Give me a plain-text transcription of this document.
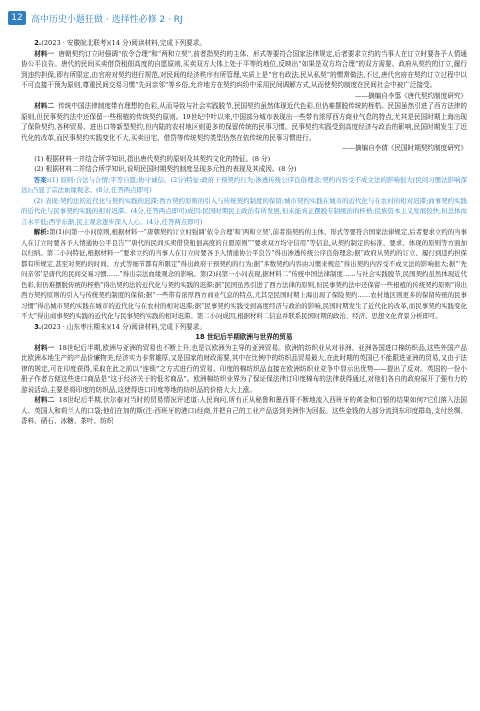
12 高中历史小题狂做 · 选择性必修 2 · RJ

2.(2023 · 安徽皖北联考)(14 分)阅读材料,完成下列要求。

材料一 唐朝契约订立时强调“依令合理”和“两和立契”,前者指契约的主体、形式等要符合国家法律规定,后者要求立约的当事人在订立时要各予人情通协公平良告。唐代的民间买卖借贷租佃高度的自愿原则,买卖双方大体上处于平等的地位,反映出“如果是双方均合理”的双方需要。政府从契约的订立,履行到违约担保,即有所限定,由官府对契约进行规范,对民间的经济秩序有所管理,实质上是“官有政法,民从私契”的惯常做法,不过,唐代官府在契约订立过程中以不可直接干预为原则,尊重民间交易习惯“先问亲邻”等乡俗,允许地方在契约纠纷中采用民间调解方式,从而使契约制度在民间社会中被广泛接受。

——摘编自李翦《唐代契约制度研究》

材料二 传统中国法律制度带有理想的色彩,从而导致与社会实践脱节,民国契约虽然体现近代色彩,但仍难摆脱传统的桎梏。民国虽然引进了西方法律的原则,但民事契约法中还保留一些根植的传统契约原则。19世纪中叶以来,中国部分城市表现出一些带有浓厚西方商业气息的特点,尤其是民国时期上海出现了保险契约,各种贸易、进出口等新型契约,但内陆的农村地区则更多的保留传统的民事习惯。民事契约实践受到高度经济与政治的影响,民国时期发生了近代化的改革,而民事契约实践变化不大,买卖田宅、借贷等传统契约类型仍然在依传统的民事习惯进行。

——摘编自李倩《民国时期契约制度研究》

(1) 根据材料一并结合所学知识,指出唐代契约的原则及其契约文化的特征。(8 分)

(2) 根据材料二并结合所学知识,说明民国时期契约制度呈现多元性的表现及其成因。(8 分)

答案:(1) 原则:合法与合情;平等自愿;协守诚信。(2分)特征:政府干预契约行为;渗透传统公序良俗理念;契约内容受不成文法的影响很大(民间习惯法影响深远);凸显了宗法血缘观念。(6分,任答两点即可)

(2) 表现:契约法的近代化与契约实践的迟滞;西方契约原则的引入与传统契约制度的保留;城市契约实践在城市的近代化与在农村的相对迟滞;商事契约实践的近代化与民事契约实践的相对迟滞。(4分,任答两点即可)成因:民国时期民主政治有所发展,但未能真正摆脱专制统治的桎梏;民族资本主义发展较快,但总体而言水平低;西学东渐,民主观念逐步深入人心。(4分,任答两点即可)

解析:第(1)问第一小问原则,根据材料一“唐朝契约订立时强调‘依令合理’和‘两和立契’,前者指契约的主体、形式等要符合国家法律规定,后者要求立约的当事人在订立时要各予人情通协公平良告”“唐代的民间买卖借贷租佃高度的自愿原则”“要求双方均守信用”等信息,从契约制定的标准、要求、体现的原则等方面加以归纳。第二小问特征,根据材料一“要求立约的当事人在订立时要各予人情通协公平良告”得出渗透传统公序良俗理念;据“政府从契约的订立、履行到违约担保都有所规定,甚至对契约的时间、方式等细节都有所限定”得出政府干预契约的行为;据“多数契约内容由习惯来规范”得出契约内容受不成文法的影响很大;据“‘先问亲邻’是唐代的民间交易习惯……”得出宗法血缘观念的影响。第(2)问第一小问表现,据材料二“传统中国法律制度……与社会实践脱节,民国契约虽然体现近代色彩,但仍难摆脱传统的桎梏”得出契约法的近代化与契约实践的迟滞;据“民国虽然引进了西方法律的原则,但民事契约法中还保留一些根植的传统契约原则”得出西方契约原则的引入与传统契约制度的保留;据“一些带有浓厚西方商业气息的特点,尤其是民国时期上海出现了保险契约……农村地区则更多的保留传统的民事习惯”得出城市契约实践在城市的近代化与在农村的相对迟滞;据“民事契约实践受到高度经济与政治的影响,民国时期发生了近代化的改革,而民事契约实践变化不大”得出商事契约实践的近代化与民事契约实践的相对迟滞。第二小问成因,根据材料二信息并联系民国时期的政治、经济、思想文化背景分析即可。

3.(2023 · 山东枣庄期末)(14 分)阅读材料,完成下列要求。

18 世纪后半期欧洲与世界的贸易

材料一 18世纪后半期,欧洲与亚洲的贸易也不断上升,也是以欧洲为主导的亚洲贸易。欧洲的纺织业从对非洲、亚洲各国进口棉纺织品,这些外国产品比欧洲本地生产的产品价廉物美,经济实力非常雄厚,又是国家的财政需要,其中在比例中的纺织品贸易最大,在此时期的英国已不能跟进亚洲的贸易,又由于法律的规定,可在印度获得,采取在此之前以“连锁”之方式进行的贸易。印度的棉纺织品直接在欧洲纺织业竞争中显示出优势——提出了反对。英国的一份小册子作者方便这些进口商品是“这于经济关于的低劣商品”。欧洲棉纺织业界为了保证保法律订印度棉布的法律获得通过,对他们各自的政府展开了强有力的游说活动,主要是将印度的纺织品,这使得进口印度等地的纺织品的价格大大上涨。

材料二 18世纪后半期,伏尔泰对当时的贸易情况评述道:人民询问,所有正从秘鲁和墨西哥不断地流入西班牙的黄金和白银的结果如何?它们落入法国人、英国人和荷兰人的口袋;他们在加的斯(注:西班牙的港口)经商,并把自己的工业产品送到美洲作为回报。这些金钱的大部分流到东印度群岛,支付丝绸、香料、硝石、冰糖、茶叶、纺织
